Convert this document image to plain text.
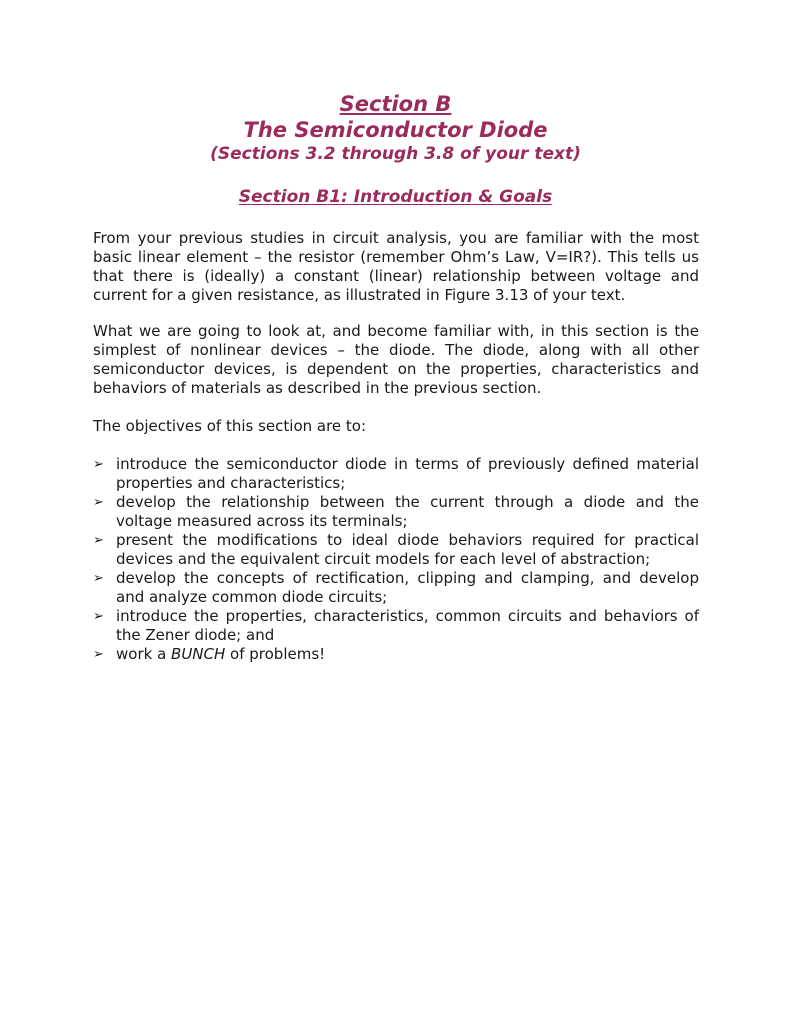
Section B
The Semiconductor Diode
(Sections 3.2 through 3.8 of your text)
Section B1: Introduction & Goals

From your previous studies in circuit analysis, you are familiar with the most basic linear element – the resistor (remember Ohm’s Law, V=IR?). This tells us that there is (ideally) a constant (linear) relationship between voltage and current for a given resistance, as illustrated in Figure 3.13 of your text.

What we are going to look at, and become familiar with, in this section is the simplest of nonlinear devices – the diode. The diode, along with all other semiconductor devices, is dependent on the properties, characteristics and behaviors of materials as described in the previous section.

The objectives of this section are to:

➢ introduce the semiconductor diode in terms of previously defined material properties and characteristics;
➢ develop the relationship between the current through a diode and the voltage measured across its terminals;
➢ present the modifications to ideal diode behaviors required for practical devices and the equivalent circuit models for each level of abstraction;
➢ develop the concepts of rectification, clipping and clamping, and develop and analyze common diode circuits;
➢ introduce the properties, characteristics, common circuits and behaviors of the Zener diode; and
➢ work a BUNCH of problems!
